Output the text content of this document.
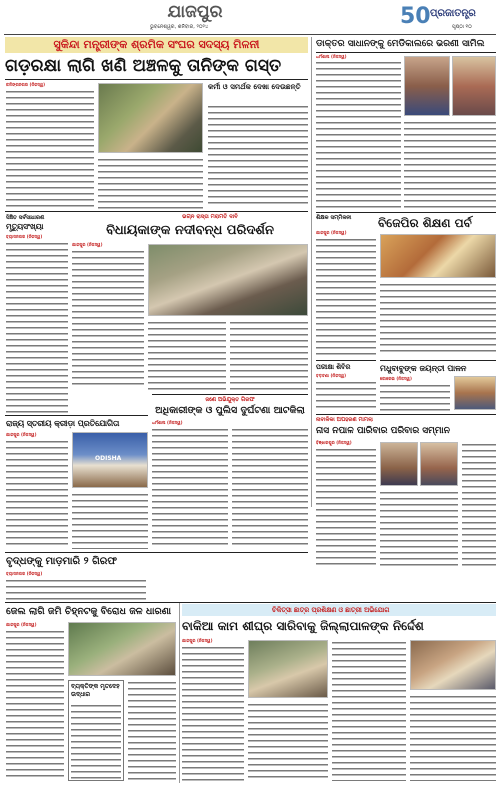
ଯାଜପୁର
ଭୁବନେଶ୍ୱର, ଶନିବାର, ୨୦୨୪	50 ପ୍ରଜାତନ୍ତ୍ର
ପୃଷ୍ଠା ୧୦
ସୁକିନ୍ଦା ମନ୍ତ୍ରୀଙ୍କ ଶ୍ରମିକ ସଂଘର ସଦସ୍ୟ ମିଳନୀ
ଗଡ଼ରକ୍ଷା ଲାଗି ଖଣି ଅଞ୍ଚଳକୁ ତାନିଙ୍କ ଗସ୍ତ
କଳିଙ୍ଗନଗର (ନିଜସ୍ୱ)	କର୍ମୀ ଓ ସମର୍ଥକ ଦେଖା ଦେଉଛନ୍ତି
ଡାକ୍ତର ସାଧାନଙ୍କୁ ମେଡିକାଲରେ ଭରଣୀ ସାମିଲ
ଧର୍ମଶାଳା (ନିଜସ୍ୱ)
ସିଞ୍ଚିତ ସର୍ବସାଧାରଣ
ମୃତ୍ୟୁସଂଖ୍ୟା
ବ୍ୟାସନଗର (ନିଜସ୍ୱ)
ଭଗ୍ନ ରାସ୍ତା ମରାମତି ଦାବି
ବିଧାୟକାଙ୍କ ନଦୀବନ୍ଧ ପରିଦର୍ଶନ
ଯାଜପୁର (ନିଜସ୍ୱ)
ଶିକ୍ଷକ ସମ୍ମିଳନୀ	ବିଜେପିର ଶିକ୍ଷଣ ପର୍ବ
ଯାଜପୁର (ନିଜସ୍ୱ)
ପରୀକ୍ଷା ଶିବିର
ବଡ଼ଚଣା (ନିଜସ୍ୱ)
ମଧୁବାବୁଙ୍କ ଜୟନ୍ତୀ ପାଳନ
କୋରେଇ (ନିଜସ୍ୱ)
ରାଜ୍ୟ ସ୍ତରୀୟ କ୍ରୀଡ଼ା ପ୍ରତିଯୋଗିତା
ଯାଜପୁର (ନିଜସ୍ୱ)
ODISHA
ଜଣେ ଅଭିଯୁକ୍ତ ଗିରଫ
ଅଧିକାରୀଙ୍କ ଓ ପୁଲିସ ଦୁର୍ଘଟଣା ଆଟକିଲା
ଧର୍ମଶାଳା (ନିଜସ୍ୱ)	ନାବାଳିକା ଅପହରଣ ମାମଲା
ନାସ ନପାଳ ପାରିବାର ପରିବାର ସମ୍ମାନ
ବିଞ୍ଝାରପୁର (ନିଜସ୍ୱ)
ବୃଦ୍ଧଙ୍କୁ ମାଡ଼ମାରି ୨ ଗିରଫ
ବ୍ୟାସନଗର (ନିଜସ୍ୱ)
ଜେଲ ଲାଗି ଜମି ଚିହ୍ନଟକୁ ବିରୋଧ ଜଳ ଧାରଣା
ଯାଜପୁର (ନିଜସ୍ୱ)
ବ୍ୟକ୍ତିଙ୍କ ମୃତଦେହ ଉଦ୍ଧାର
ଚିକିତ୍ସା ଛାତ୍ର ପ୍ରଶିକ୍ଷଣ ଓ ଛାତ୍ରୀ ଅଭିଯୋଗ
ବାକିଆ କାମ ଶୀଘ୍ର ସାରିବାକୁ ଜିଲ୍ଲାପାଳଙ୍କ ନିର୍ଦ୍ଦେଶ
ଯାଜପୁର (ନିଜସ୍ୱ)
